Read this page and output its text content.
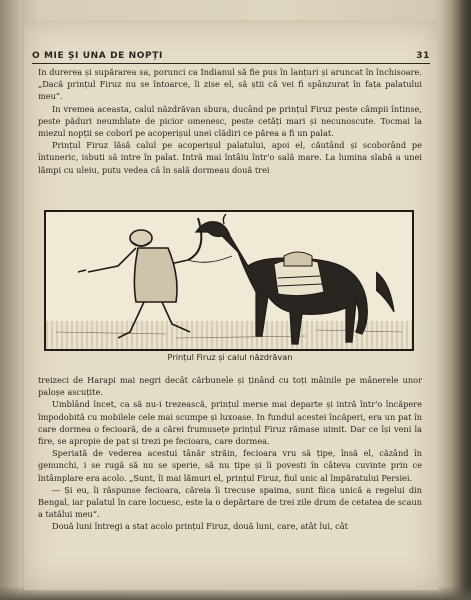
O MIE ȘI UNA DE NOPȚI	31

In durerea și supărarea sa, porunci ca Indianul să fie pus în lanțuri și aruncat în închisoare. „Dacă prințul Firuz nu se întoarce, îi zise el, să știi că vei fi spânzurat în fața palatului meu“.

In vremea aceasta, calul năzdrăvan sbura, ducând pe prințul Firuz peste câmpii întinse, peste păduri neumblate de picior omenesc, peste cetăți mari și necunoscute. Tocmai la miezul nopții se coborî pe acoperișul unei clădiri ce părea a fi un palat.

Prințul Firuz lăsă calul pe acoperișul palatului, apoi el, căutând și scoborând pe întuneric, isbuti să intre în palat. Intră mai întâiu într'o sală mare. La lumina slabă a unei lămpi cu uleiu, putu vedea că în sală dormeau două trei

Prințul Firuz și calul năzdrăvan

treizeci de Harapi mai negri decât cărbunele și ținând cu toți mâinile pe mânerele unor paloșe ascuțite.

Umblând încet, ca să nu-i trezească, prințul merse mai departe și intră într'o încăpere împodobită cu mobilele cele mai scumpe și luxoase. In fundul acestei încăperi, era un pat în care dormea o fecioară, de a cărei frumusețe prințul Firuz rămase uimit. Dar ce își veni la fire, se apropie de pat și trezi pe fecioara, care dormea.

Speriată de vederea acestui tânăr străin, fecioara vru să țipe, însă el, căzând în genunchi, i se rugă să nu se sperie, să nu țipe și îi povesti în câteva cuvinte prin ce întâmplare era acolo. „Sunt, îi mai lămuri el, prințul Firuz, fiul unic al împăratului Persiei.

— Și eu, îi răspunse fecioara, căreia îi trecuse spaima, sunt fiica unică a regelui din Bengal, iar palatul în care locuesc, este la o depărtare de trei zile drum de cetatea de scaun a tatălui meu“.

Două luni întregi a stat acolo prințul Firuz, două luni, care, atât lui, cât
